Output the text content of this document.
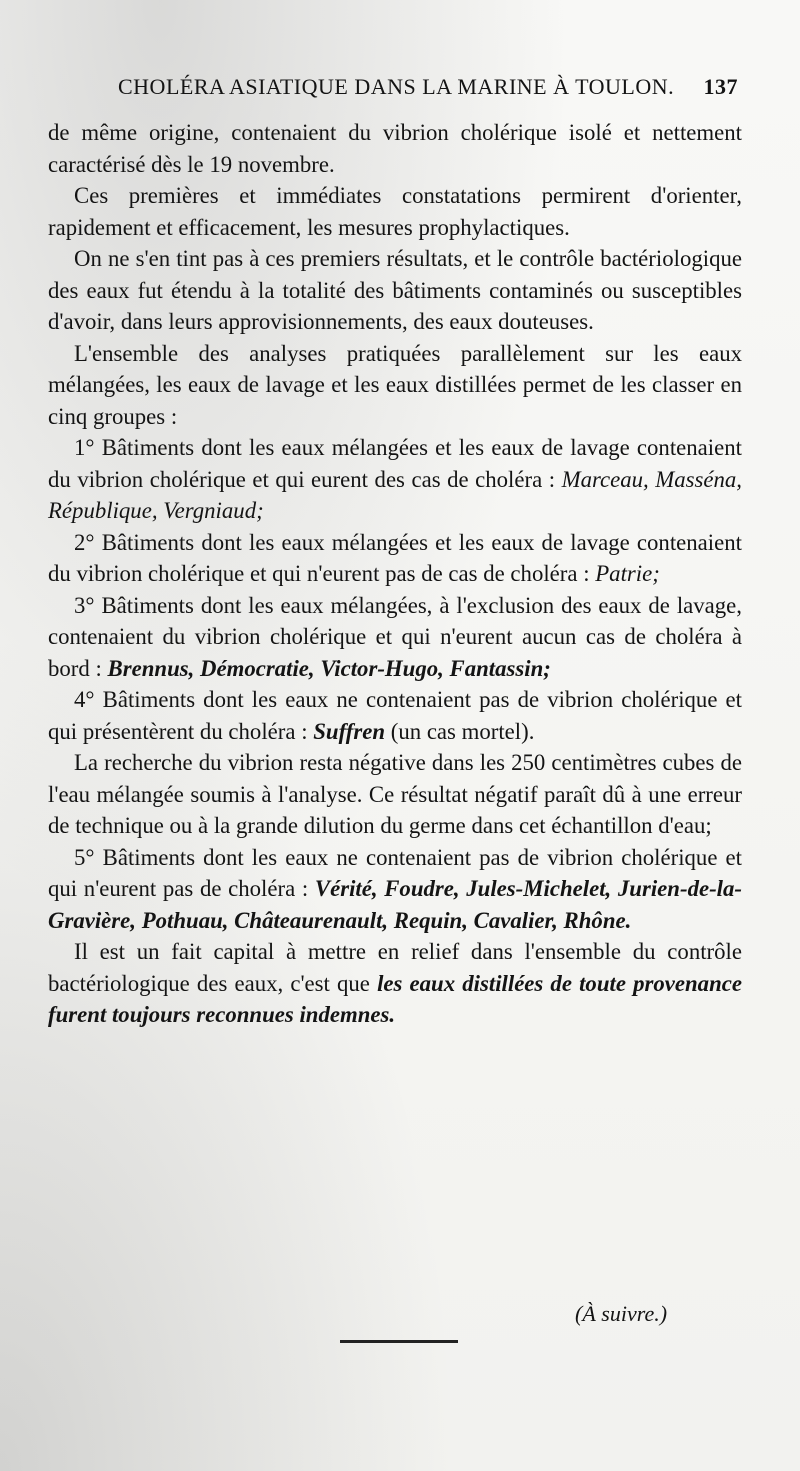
CHOLÉRA ASIATIQUE DANS LA MARINE À TOULON. 137

de même origine, contenaient du vibrion cholérique isolé et nettement caractérisé dès le 19 novembre.

Ces premières et immédiates constatations permirent d'orienter, rapidement et efficacement, les mesures prophylactiques.

On ne s'en tint pas à ces premiers résultats, et le contrôle bactériologique des eaux fut étendu à la totalité des bâtiments contaminés ou susceptibles d'avoir, dans leurs approvisionnements, des eaux douteuses.

L'ensemble des analyses pratiquées parallèlement sur les eaux mélangées, les eaux de lavage et les eaux distillées permet de les classer en cinq groupes :

1° Bâtiments dont les eaux mélangées et les eaux de lavage contenaient du vibrion cholérique et qui eurent des cas de choléra : Marceau, Masséna, République, Vergniaud;

2° Bâtiments dont les eaux mélangées et les eaux de lavage contenaient du vibrion cholérique et qui n'eurent pas de cas de choléra : Patrie;

3° Bâtiments dont les eaux mélangées, à l'exclusion des eaux de lavage, contenaient du vibrion cholérique et qui n'eurent aucun cas de choléra à bord : Brennus, Démocratie, Victor-Hugo, Fantassin;

4° Bâtiments dont les eaux ne contenaient pas de vibrion cholérique et qui présentèrent du choléra : Suffren (un cas mortel).

La recherche du vibrion resta négative dans les 250 centimètres cubes de l'eau mélangée soumis à l'analyse. Ce résultat négatif paraît dû à une erreur de technique ou à la grande dilution du germe dans cet échantillon d'eau;

5° Bâtiments dont les eaux ne contenaient pas de vibrion cholérique et qui n'eurent pas de choléra : Vérité, Foudre, Jules-Michelet, Jurien-de-la-Gravière, Pothuau, Châteaurenault, Requin, Cavalier, Rhône.

Il est un fait capital à mettre en relief dans l'ensemble du contrôle bactériologique des eaux, c'est que les eaux distillées de toute provenance furent toujours reconnues indemnes.

(À suivre.)
